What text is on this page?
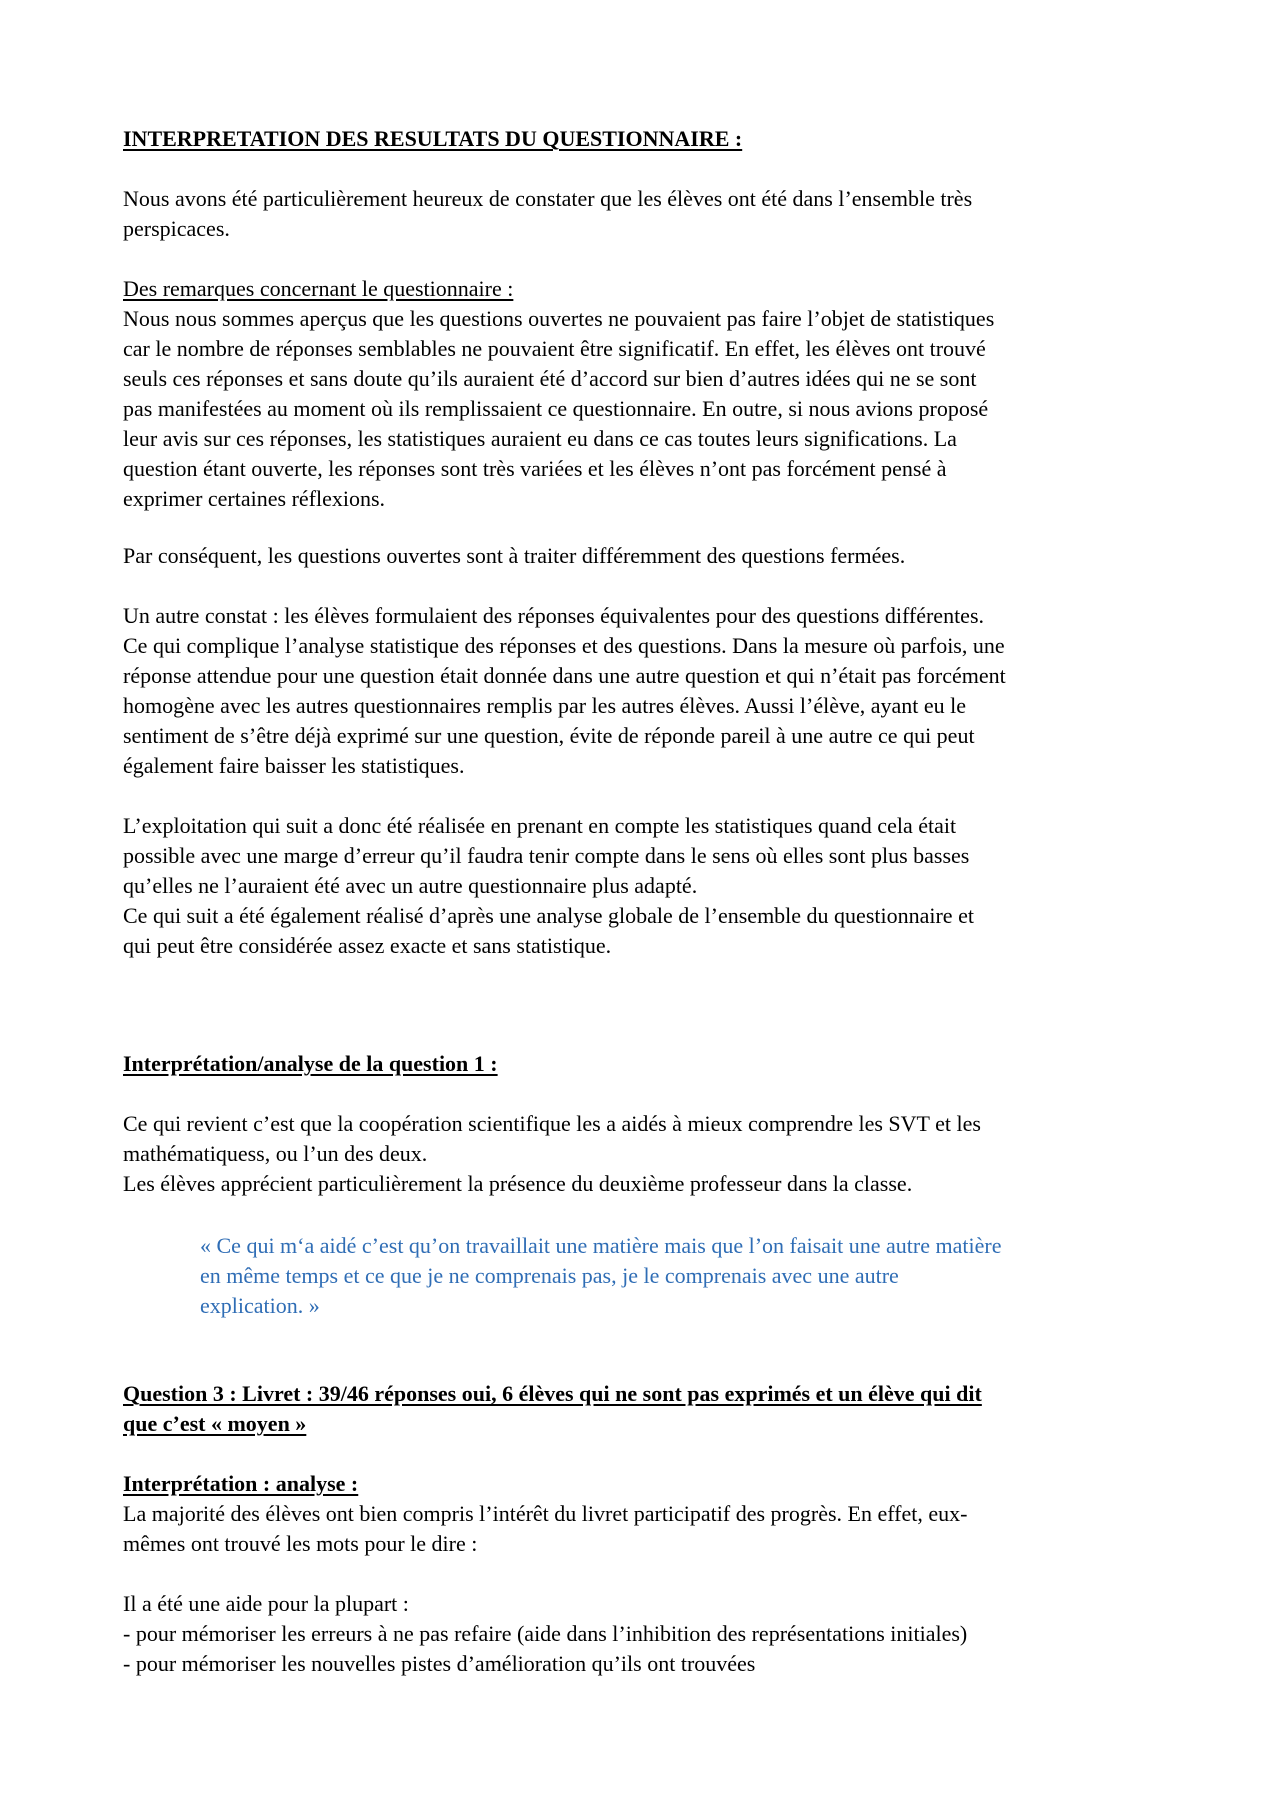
INTERPRETATION DES RESULTATS DU QUESTIONNAIRE :

Nous avons été particulièrement heureux de constater que les élèves ont été dans l’ensemble très
perspicaces.

Des remarques concernant le questionnaire :
Nous nous sommes aperçus que les questions ouvertes ne pouvaient pas faire l’objet de statistiques
car le nombre de réponses semblables ne pouvaient être significatif. En effet, les élèves ont trouvé
seuls ces réponses et sans doute qu’ils auraient été d’accord sur bien d’autres idées qui ne se sont
pas manifestées au moment où ils remplissaient ce questionnaire. En outre, si nous avions proposé
leur avis sur ces réponses, les statistiques auraient eu dans ce cas toutes leurs significations. La
question étant ouverte, les réponses sont très variées et les élèves n’ont pas forcément pensé à
exprimer certaines réflexions.

Par conséquent, les questions ouvertes sont à traiter différemment des questions fermées.

Un autre constat : les élèves formulaient des réponses équivalentes pour des questions différentes.
Ce qui complique l’analyse statistique des réponses et des questions. Dans la mesure où parfois, une
réponse attendue pour une question était donnée dans une autre question et qui n’était pas forcément
homogène avec les autres questionnaires remplis par les autres élèves. Aussi l’élève, ayant eu le
sentiment de s’être déjà exprimé sur une question, évite de réponde pareil à une autre ce qui peut
également faire baisser les statistiques.

L’exploitation qui suit a donc été réalisée en prenant en compte les statistiques quand cela était
possible avec une marge d’erreur qu’il faudra tenir compte dans le sens où elles sont plus basses
qu’elles ne l’auraient été avec un autre questionnaire plus adapté.
Ce qui suit a été également réalisé d’après une analyse globale de l’ensemble du questionnaire et
qui peut être considérée assez exacte et sans statistique.

Interprétation/analyse de la question 1 :

Ce qui revient c’est que la coopération scientifique les a aidés à mieux comprendre les SVT et les
mathématiquess, ou l’un des deux.
Les élèves apprécient particulièrement la présence du deuxième professeur dans la classe.

« Ce qui m‘a aidé c’est qu’on travaillait une matière mais que l’on faisait une autre matière
en même temps et ce que je ne comprenais pas, je le comprenais avec une autre
explication. »

Question 3 : Livret : 39/46 réponses oui, 6 élèves qui ne sont pas exprimés et un élève qui dit
que c’est « moyen »

Interprétation : analyse :
La majorité des élèves ont bien compris l’intérêt du livret participatif des progrès. En effet, eux-
mêmes ont trouvé les mots pour le dire :

Il a été une aide pour la plupart :
- pour mémoriser les erreurs à ne pas refaire (aide dans l’inhibition des représentations initiales)
- pour mémoriser les nouvelles pistes d’amélioration qu’ils ont trouvées
